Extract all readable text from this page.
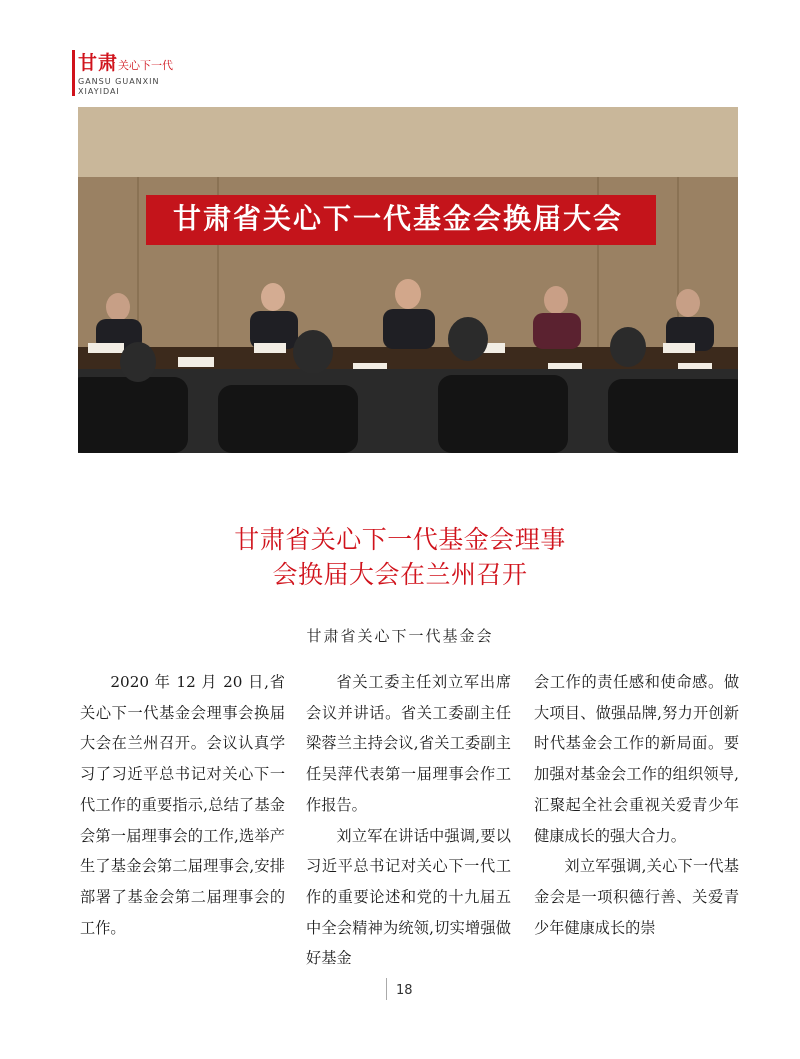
甘肃关心下一代
GANSU GUANXIN
XIAYIDAI
甘肃省关心下一代基金会换届大会
甘肃省关心下一代基金会理事
会换届大会在兰州召开
甘肃省关心下一代基金会

2020 年 12 月 20 日,省关心下一代基金会理事会换届大会在兰州召开。会议认真学习了习近平总书记对关心下一代工作的重要指示,总结了基金会第一届理事会的工作,选举产生了基金会第二届理事会,安排部署了基金会第二届理事会的工作。

省关工委主任刘立军出席会议并讲话。省关工委副主任梁蓉兰主持会议,省关工委副主任吴萍代表第一届理事会作工作报告。

刘立军在讲话中强调,要以习近平总书记对关心下一代工作的重要论述和党的十九届五中全会精神为统领,切实增强做好基金

会工作的责任感和使命感。做大项目、做强品牌,努力开创新时代基金会工作的新局面。要加强对基金会工作的组织领导,汇聚起全社会重视关爱青少年健康成长的强大合力。

刘立军强调,关心下一代基金会是一项积德行善、关爱青少年健康成长的崇

18
